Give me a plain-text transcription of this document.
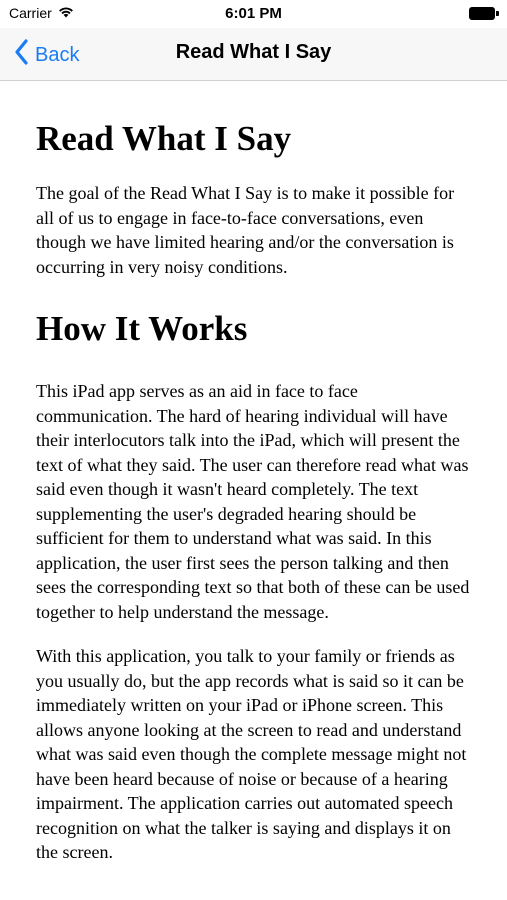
Carrier	6:01 PM
Back	Read What I Say
Read What I Say

The goal of the Read What I Say is to make it possible for all of us to engage in face-to-face conversations, even though we have limited hearing and/or the conversation is occurring in very noisy conditions.

How It Works

This iPad app serves as an aid in face to face communication. The hard of hearing individual will have their interlocutors talk into the iPad, which will present the text of what they said. The user can therefore read what was said even though it wasn't heard completely. The text supplementing the user's degraded hearing should be sufficient for them to understand what was said. In this application, the user first sees the person talking and then sees the corresponding text so that both of these can be used together to help understand the message.

With this application, you talk to your family or friends as you usually do, but the app records what is said so it can be immediately written on your iPad or iPhone screen. This allows anyone looking at the screen to read and understand what was said even though the complete message might not have been heard because of noise or because of a hearing impairment. The application carries out automated speech recognition on what the talker is saying and displays it on the screen.
